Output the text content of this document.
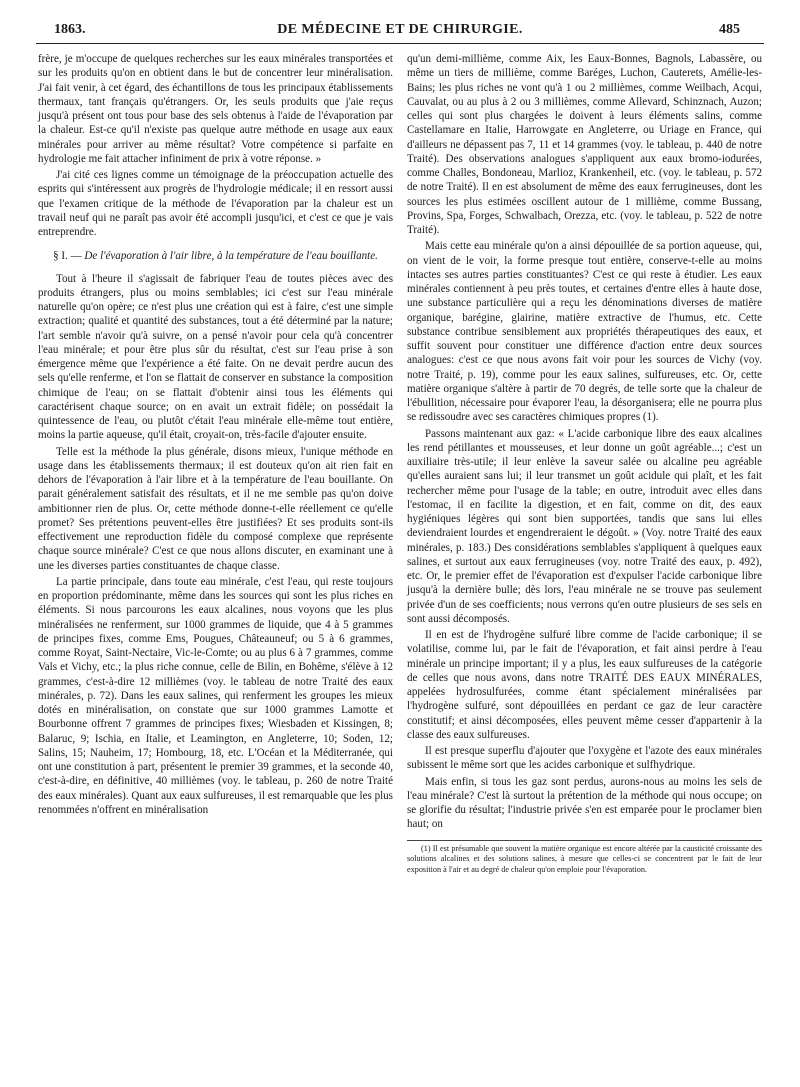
1863.	DE MÉDECINE ET DE CHIRURGIE.	485

frère, je m'occupe de quelques recherches sur les eaux minérales transportées et sur les produits qu'on en obtient dans le but de concentrer leur minéralisation. J'ai fait venir, à cet égard, des échantillons de tous les principaux établissements thermaux, tant français qu'étrangers. Or, les seuls produits que j'aie reçus jusqu'à présent ont tous pour base des sels obtenus à l'aide de l'évaporation par la chaleur. Est-ce qu'il n'existe pas quelque autre méthode en usage aux eaux minérales pour arriver au même résultat? Votre compétence si parfaite en hydrologie me fait attacher infiniment de prix à votre réponse. »

J'ai cité ces lignes comme un témoignage de la préoccupation actuelle des esprits qui s'intéressent aux progrès de l'hydrologie médicale; il en ressort aussi que l'examen critique de la méthode de l'évaporation par la chaleur est un travail neuf qui ne paraît pas avoir été accompli jusqu'ici, et c'est ce que je vais entreprendre.

§ I. — De l'évaporation à l'air libre, à la température de l'eau bouillante.

Tout à l'heure il s'agissait de fabriquer l'eau de toutes pièces avec des produits étrangers, plus ou moins semblables; ici c'est sur l'eau minérale naturelle qu'on opère; ce n'est plus une création qui est à faire, c'est une simple extraction; qualité et quantité des substances, tout a été déterminé par la nature; l'art semble n'avoir qu'à suivre, on a pensé n'avoir pour cela qu'à concentrer l'eau minérale; et pour être plus sûr du résultat, c'est sur l'eau prise à son émergence même que l'expérience a été faite. On ne devait perdre aucun des sels qu'elle renferme, et l'on se flattait de conserver en substance la composition chimique de l'eau; on se flattait d'obtenir ainsi tous les éléments qui caractérisent chaque source; on en avait un extrait fidèle; on possédait la quintessence de l'eau, ou plutôt c'était l'eau minérale elle-même tout entière, moins la partie aqueuse, qu'il était, croyait-on, très-facile d'ajouter ensuite.

Telle est la méthode la plus générale, disons mieux, l'unique méthode en usage dans les établissements thermaux; il est douteux qu'on ait rien fait en dehors de l'évaporation à l'air libre et à la température de l'eau bouillante. On parait généralement satisfait des résultats, et il ne me semble pas qu'on doive ambitionner rien de plus. Or, cette méthode donne-t-elle réellement ce qu'elle promet? Ses prétentions peuvent-elles être justifiées? Et ses produits sont-ils effectivement une reproduction fidèle du composé complexe que représente chaque source minérale? C'est ce que nous allons discuter, en examinant une à une les diverses parties constituantes de chaque classe.

La partie principale, dans toute eau minérale, c'est l'eau, qui reste toujours en proportion prédominante, même dans les sources qui sont les plus riches en éléments. Si nous parcourons les eaux alcalines, nous voyons que les plus minéralisées ne renferment, sur 1000 grammes de liquide, que 4 à 5 grammes de principes fixes, comme Ems, Pougues, Châteauneuf; ou 5 à 6 grammes, comme Royat, Saint-Nectaire, Vic-le-Comte; ou au plus 6 à 7 grammes, comme Vals et Vichy, etc.; la plus riche connue, celle de Bilin, en Bohême, s'élève à 12 grammes, c'est-à-dire 12 millièmes (voy. le tableau de notre Traité des eaux minérales, p. 72). Dans les eaux salines, qui renferment les groupes les mieux dotés en minéralisation, on constate que sur 1000 grammes Lamotte et Bourbonne offrent 7 grammes de principes fixes; Wiesbaden et Kissingen, 8; Balaruc, 9; Ischia, en Italie, et Leamington, en Angleterre, 10; Soden, 12; Salins, 15; Nauheim, 17; Hombourg, 18, etc. L'Océan et la Méditerranée, qui ont une constitution à part, présentent le premier 39 grammes, et la seconde 40, c'est-à-dire, en définitive, 40 millièmes (voy. le tableau, p. 260 de notre Traité des eaux minérales). Quant aux eaux sulfureuses, il est remarquable que les plus renommées n'offrent en minéralisation

qu'un demi-millième, comme Aix, les Eaux-Bonnes, Bagnols, Labassère, ou même un tiers de millième, comme Baréges, Luchon, Cauterets, Amélie-les-Bains; les plus riches ne vont qu'à 1 ou 2 millièmes, comme Weilbach, Acqui, Cauvalat, ou au plus à 2 ou 3 millièmes, comme Allevard, Schinznach, Auzon; celles qui sont plus chargées le doivent à leurs éléments salins, comme Castellamare en Italie, Harrowgate en Angleterre, ou Uriage en France, qui d'ailleurs ne dépassent pas 7, 11 et 14 grammes (voy. le tableau, p. 440 de notre Traité). Des observations analogues s'appliquent aux eaux bromo-iodurées, comme Challes, Bondoneau, Marlioz, Krankenheil, etc. (voy. le tableau, p. 572 de notre Traité). Il en est absolument de même des eaux ferrugineuses, dont les sources les plus estimées oscillent autour de 1 millième, comme Bussang, Provins, Spa, Forges, Schwalbach, Orezza, etc. (voy. le tableau, p. 522 de notre Traité).

Mais cette eau minérale qu'on a ainsi dépouillée de sa portion aqueuse, qui, on vient de le voir, la forme presque tout entière, conserve-t-elle au moins intactes ses autres parties constituantes? C'est ce qui reste à étudier. Les eaux minérales contiennent à peu près toutes, et certaines d'entre elles à haute dose, une substance particulière qui a reçu les dénominations diverses de matière organique, barégine, glairine, matière extractive de l'humus, etc. Cette substance contribue sensiblement aux propriétés thérapeutiques des eaux, et suffit souvent pour constituer une différence d'action entre deux sources analogues: c'est ce que nous avons fait voir pour les sources de Vichy (voy. notre Traité, p. 19), comme pour les eaux salines, sulfureuses, etc. Or, cette matière organique s'altère à partir de 70 degrés, de telle sorte que la chaleur de l'ébullition, nécessaire pour évaporer l'eau, la désorganisera; elle ne pourra plus se redissoudre avec ses caractères chimiques propres (1).

Passons maintenant aux gaz: « L'acide carbonique libre des eaux alcalines les rend pétillantes et mousseuses, et leur donne un goût agréable...; c'est un auxiliaire très-utile; il leur enlève la saveur salée ou alcaline peu agréable qu'elles auraient sans lui; il leur transmet un goût acidule qui plaît, et les fait rechercher même pour l'usage de la table; en outre, introduit avec elles dans l'estomac, il en facilite la digestion, et en fait, comme on dit, des eaux hygiéniques légères qui sont bien supportées, tandis que sans lui elles deviendraient lourdes et engendreraient le dégoût. » (Voy. notre Traité des eaux minérales, p. 183.) Des considérations semblables s'appliquent à quelques eaux salines, et surtout aux eaux ferrugineuses (voy. notre Traité des eaux, p. 492), etc. Or, le premier effet de l'évaporation est d'expulser l'acide carbonique libre jusqu'à la dernière bulle; dès lors, l'eau minérale ne se trouve pas seulement privée d'un de ses coefficients; nous verrons qu'en outre plusieurs de ses sels en sont aussi décomposés.

Il en est de l'hydrogène sulfuré libre comme de l'acide carbonique; il se volatilise, comme lui, par le fait de l'évaporation, et fait ainsi perdre à l'eau minérale un principe important; il y a plus, les eaux sulfureuses de la catégorie de celles que nous avons, dans notre TRAITÉ DES EAUX MINÉRALES, appelées hydrosulfurées, comme étant spécialement minéralisées par l'hydrogène sulfuré, sont dépouillées en perdant ce gaz de leur caractère constitutif; et ainsi décomposées, elles peuvent même cesser d'appartenir à la classe des eaux sulfureuses.

Il est presque superflu d'ajouter que l'oxygène et l'azote des eaux minérales subissent le même sort que les acides carbonique et sulfhydrique.

Mais enfin, si tous les gaz sont perdus, aurons-nous au moins les sels de l'eau minérale? C'est là surtout la prétention de la méthode qui nous occupe; on se glorifie du résultat; l'industrie privée s'en est emparée pour le proclamer bien haut; on

(1) Il est présumable que souvent la matière organique est encore altérée par la causticité croissante des solutions alcalines et des solutions salines, à mesure que celles-ci se concentrent par le fait de leur exposition à l'air et au degré de chaleur qu'on emploie pour l'évaporation.
